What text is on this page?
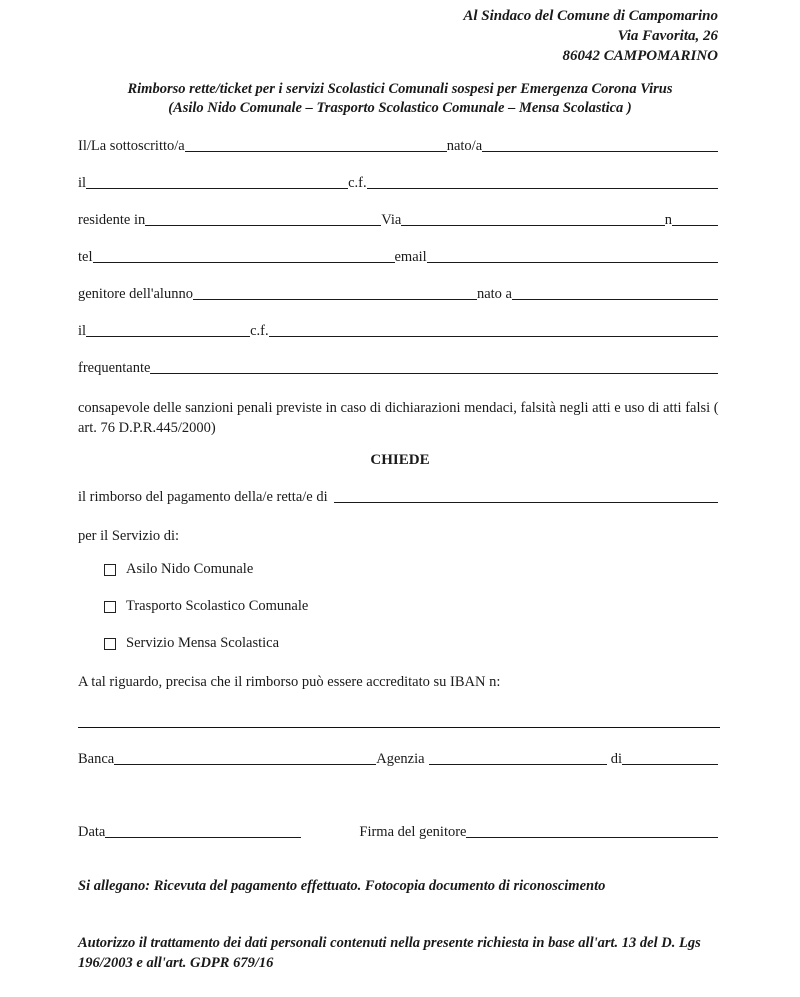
Al Sindaco del Comune di Campomarino
Via Favorita, 26
86042 CAMPOMARINO
Rimborso rette/ticket per i servizi Scolastici Comunali sospesi per Emergenza Corona Virus
(Asilo Nido Comunale – Trasporto Scolastico Comunale – Mensa Scolastica )
Il/La sottoscritto/a	nato/a
il	c.f.
residente in	Via	n
tel	email
genitore dell'alunno	nato a
il	c.f.
frequentante
consapevole delle sanzioni penali previste in caso di dichiarazioni mendaci, falsità negli atti e uso di atti falsi ( art. 76 D.P.R.445/2000)
CHIEDE
il rimborso del pagamento della/e retta/e di
per il Servizio di:
Asilo Nido Comunale
Trasporto Scolastico Comunale
Servizio Mensa Scolastica
A tal riguardo, precisa che il rimborso può essere accreditato su IBAN n:
Banca	Agenzia	di
Data	Firma del genitore
Si allegano: Ricevuta del pagamento effettuato. Fotocopia documento di riconoscimento
Autorizzo il trattamento dei dati personali contenuti nella presente richiesta in base all'art. 13 del D. Lgs 196/2003 e all'art. GDPR 679/16
